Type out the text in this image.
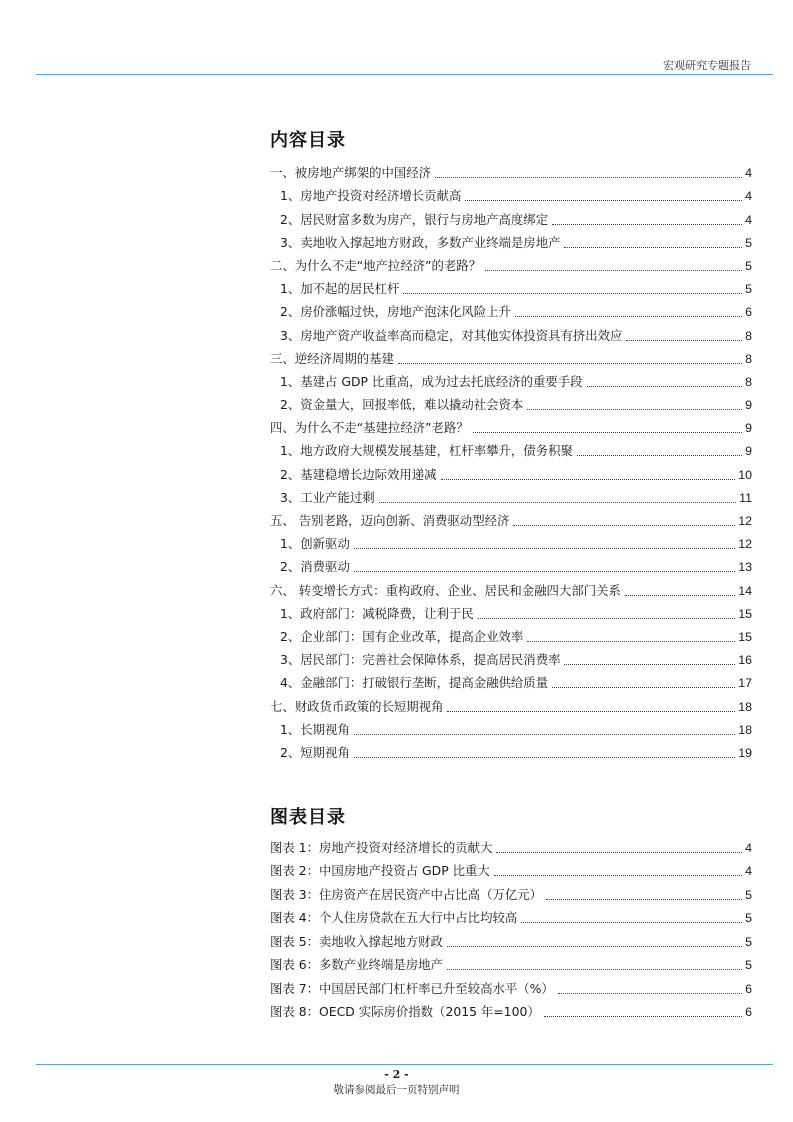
宏观研究专题报告
内容目录
一、被房地产绑架的中国经济	4
1、房地产投资对经济增长贡献高	4
2、居民财富多数为房产，银行与房地产高度绑定	4
3、卖地收入撑起地方财政，多数产业终端是房地产	5
二、为什么不走“地产拉经济”的老路？	5
1、加不起的居民杠杆	5
2、房价涨幅过快，房地产泡沫化风险上升	6
3、房地产资产收益率高而稳定，对其他实体投资具有挤出效应	8
三、逆经济周期的基建	8
1、基建占 GDP 比重高，成为过去托底经济的重要手段	8
2、资金量大，回报率低，难以撬动社会资本	9
四、为什么不走“基建拉经济”老路？	9
1、地方政府大规模发展基建，杠杆率攀升，债务积聚	9
2、基建稳增长边际效用递减	10
3、工业产能过剩	11
五、 告别老路，迈向创新、消费驱动型经济	12
1、创新驱动	12
2、消费驱动	13
六、 转变增长方式：重构政府、企业、居民和金融四大部门关系	14
1、政府部门：减税降费，让利于民	15
2、企业部门：国有企业改革，提高企业效率	15
3、居民部门：完善社会保障体系，提高居民消费率	16
4、金融部门：打破银行垄断，提高金融供给质量	17
七、财政货币政策的长短期视角	18
1、长期视角	18
2、短期视角	19
图表目录
图表 1：房地产投资对经济增长的贡献大	4
图表 2：中国房地产投资占 GDP 比重大	4
图表 3：住房资产在居民资产中占比高（万亿元）	5
图表 4：个人住房贷款在五大行中占比均较高	5
图表 5：卖地收入撑起地方财政	5
图表 6：多数产业终端是房地产	5
图表 7：中国居民部门杠杆率已升至较高水平（%）	6
图表 8：OECD 实际房价指数（2015 年=100）	6
- 2 -
敬请参阅最后一页特别声明
